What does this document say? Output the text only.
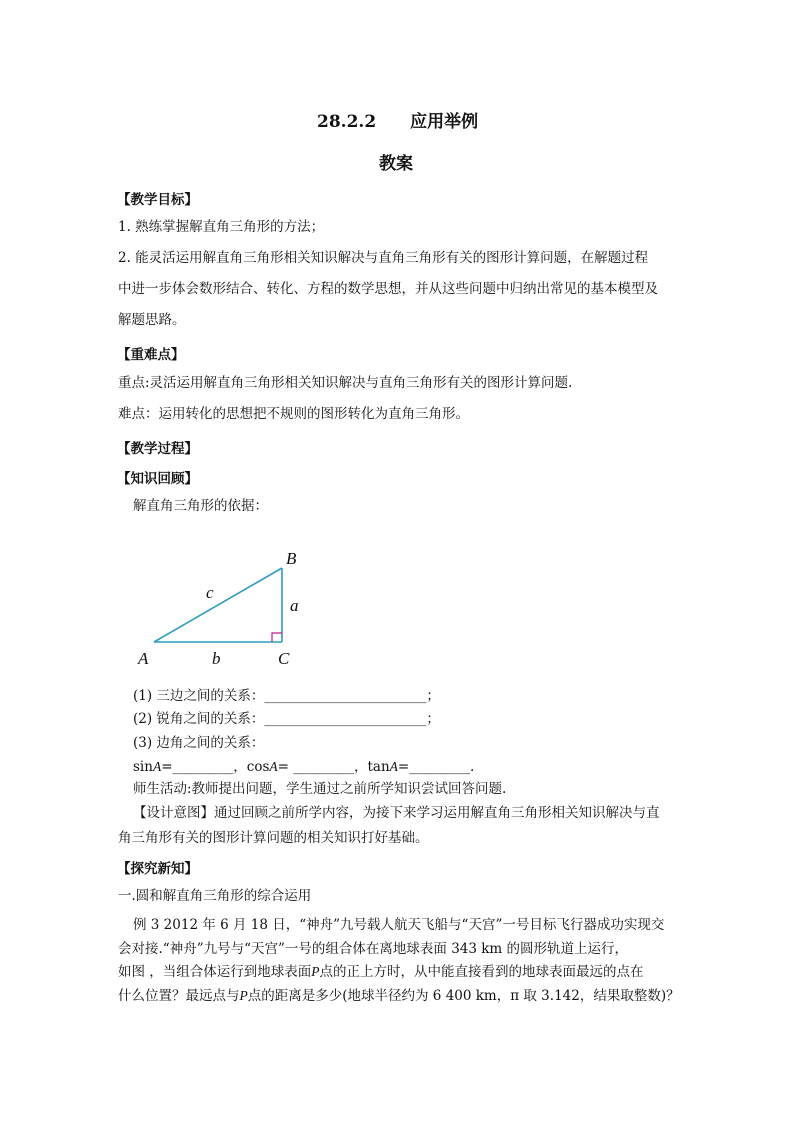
28.2.2　　应用举例
教案
【教学目标】
1. 熟练掌握解直角三角形的方法；
2. 能灵活运用解直角三角形相关知识解决与直角三角形有关的图形计算问题，在解题过程
中进一步体会数形结合、转化、方程的数学思想，并从这些问题中归纳出常见的基本模型及
解题思路。
【重难点】
重点:灵活运用解直角三角形相关知识解决与直角三角形有关的图形计算问题.
难点：运用转化的思想把不规则的图形转化为直角三角形。
【教学过程】
【知识回顾】
解直角三角形的依据：
B
A	C
a
b
c
(1) 三边之间的关系：________________________；
(2) 锐角之间的关系：________________________；
(3) 边角之间的关系：
sinA=_________，cosA= _________，tanA=_________.
师生活动:教师提出问题，学生通过之前所学知识尝试回答问题.
【设计意图】通过回顾之前所学内容，为接下来学习运用解直角三角形相关知识解决与直
角三角形有关的图形计算问题的相关知识打好基础。
【探究新知】
一.圆和解直角三角形的综合运用
例 3 2012 年 6 月 18 日，“神舟”九号载人航天飞船与“天宫”一号目标飞行器成功实现交
会对接.“神舟”九号与“天宫”一号的组合体在离地球表面 343 km 的圆形轨道上运行，
如图 ，当组合体运行到地球表面P点的正上方时，从中能直接看到的地球表面最远的点在
什么位置？最远点与P点的距离是多少(地球半径约为 6 400 km，π 取 3.142，结果取整数)？
